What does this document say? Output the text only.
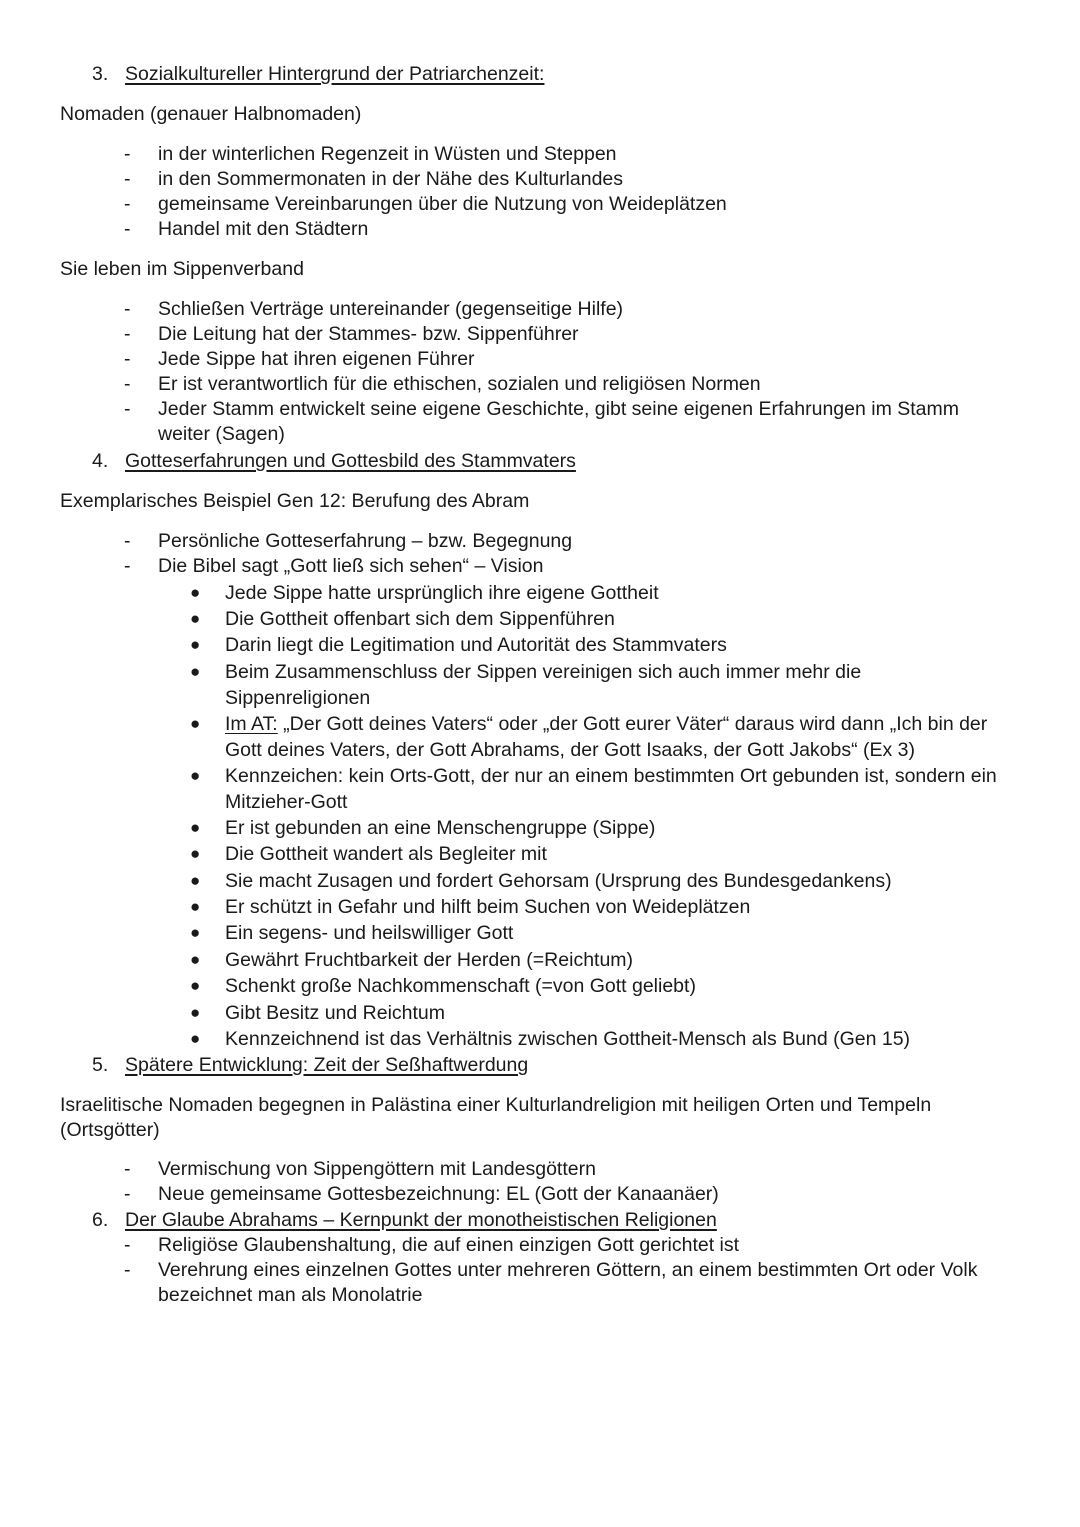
3. Sozialkultureller Hintergrund der Patriarchenzeit:
Nomaden (genauer Halbnomaden)
- in der winterlichen Regenzeit in Wüsten und Steppen
- in den Sommermonaten in der Nähe des Kulturlandes
- gemeinsame Vereinbarungen über die Nutzung von Weideplätzen
- Handel mit den Städtern
Sie leben im Sippenverband
- Schließen Verträge untereinander (gegenseitige Hilfe)
- Die Leitung hat der Stammes- bzw. Sippenführer
- Jede Sippe hat ihren eigenen Führer
- Er ist verantwortlich für die ethischen, sozialen und religiösen Normen
- Jeder Stamm entwickelt seine eigene Geschichte, gibt seine eigenen Erfahrungen im Stamm weiter (Sagen)
4. Gotteserfahrungen und Gottesbild des Stammvaters
Exemplarisches Beispiel Gen 12: Berufung des Abram
- Persönliche Gotteserfahrung – bzw. Begegnung
- Die Bibel sagt „Gott ließ sich sehen“ – Vision
● Jede Sippe hatte ursprünglich ihre eigene Gottheit
● Die Gottheit offenbart sich dem Sippenführen
● Darin liegt die Legitimation und Autorität des Stammvaters
● Beim Zusammenschluss der Sippen vereinigen sich auch immer mehr die Sippenreligionen
● Im AT: „Der Gott deines Vaters“ oder „der Gott eurer Väter“ daraus wird dann „Ich bin der Gott deines Vaters, der Gott Abrahams, der Gott Isaaks, der Gott Jakobs“ (Ex 3)
● Kennzeichen: kein Orts-Gott, der nur an einem bestimmten Ort gebunden ist, sondern ein Mitzieher-Gott
● Er ist gebunden an eine Menschengruppe (Sippe)
● Die Gottheit wandert als Begleiter mit
● Sie macht Zusagen und fordert Gehorsam (Ursprung des Bundesgedankens)
● Er schützt in Gefahr und hilft beim Suchen von Weideplätzen
● Ein segens- und heilswilliger Gott
● Gewährt Fruchtbarkeit der Herden (=Reichtum)
● Schenkt große Nachkommenschaft (=von Gott geliebt)
● Gibt Besitz und Reichtum
● Kennzeichnend ist das Verhältnis zwischen Gottheit-Mensch als Bund (Gen 15)
5. Spätere Entwicklung: Zeit der Seßhaftwerdung
Israelitische Nomaden begegnen in Palästina einer Kulturlandreligion mit heiligen Orten und Tempeln (Ortsgötter)
- Vermischung von Sippengöttern mit Landesgöttern
- Neue gemeinsame Gottesbezeichnung: EL (Gott der Kanaanäer)
6. Der Glaube Abrahams – Kernpunkt der monotheistischen Religionen
- Religiöse Glaubenshaltung, die auf einen einzigen Gott gerichtet ist
- Verehrung eines einzelnen Gottes unter mehreren Göttern, an einem bestimmten Ort oder Volk bezeichnet man als Monolatrie
